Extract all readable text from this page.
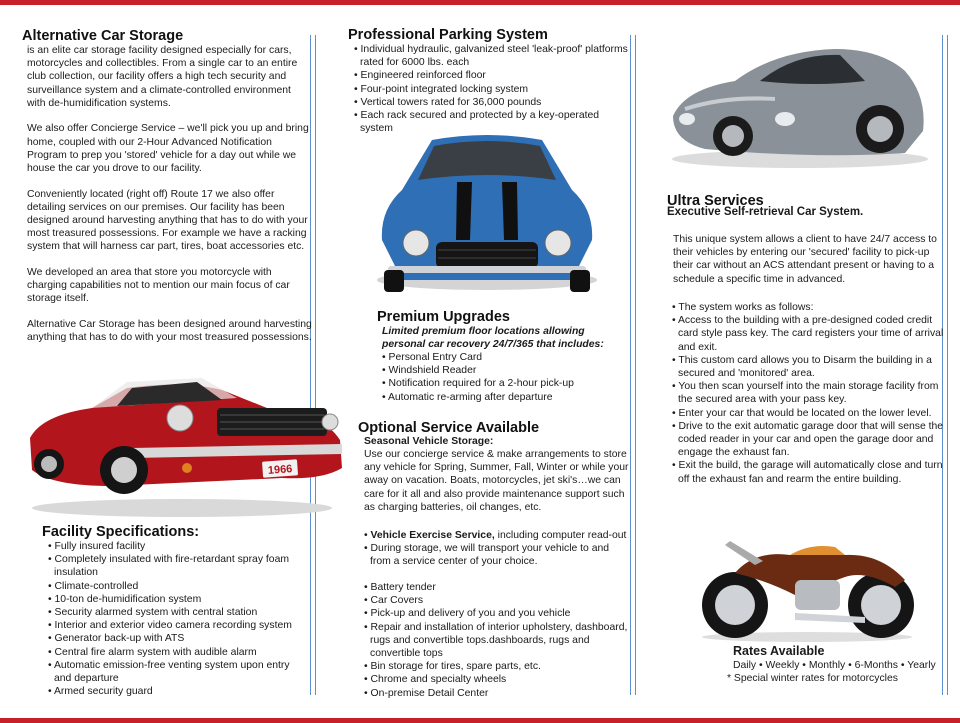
Alternative Car Storage

is an elite car storage facility designed especially for cars, motorcycles and collectibles. From a single car to an entire club collection, our facility offers a high tech security and surveillance system and a climate-controlled environment with de-humidification systems.

We also offer Concierge Service – we'll pick you up and bring home, coupled with our 2-Hour Advanced Notification Program to prep you 'stored' vehicle for a day out while we house the car you drove to our facility.

Conveniently located (right off) Route 17 we also offer detailing services on our premises. Our facility has been designed around harvesting anything that has to do with your most treasured possessions. For example we have a racking system that will harness car part, tires, boat accessories etc.

We developed an area that store you motorcycle with charging capabilities not to mention our main focus of car storage itself.

Alternative Car Storage has been designed around harvesting anything that has to do with your most treasured possessions.

1966
Facility Specifications:
• Fully insured facility
• Completely insulated with fire-retardant spray foam insulation
• Climate-controlled
• 10-ton de-humidification system
• Security alarmed system with central station
• Interior and exterior video camera recording system
• Generator back-up with ATS
• Central fire alarm system with audible alarm
• Automatic emission-free venting system upon entry and departure
• Armed security guard
Professional Parking System
• Individual hydraulic, galvanized steel 'leak-proof' platforms rated for 6000 lbs. each
• Engineered reinforced floor
• Four-point integrated locking system
• Vertical towers rated for 36,000 pounds
• Each rack secured and protected by a key-operated system
Premium Upgrades
Limited premium floor locations allowing personal car recovery 24/7/365 that includes:
• Personal Entry Card
• Windshield Reader
• Notification required for a 2-hour pick-up
• Automatic re-arming after departure
Optional Service Available
Seasonal Vehicle Storage:
Use our concierge service & make arrangements to store any vehicle for Spring, Summer, Fall, Winter or while your away on vacation. Boats, motorcycles, jet ski's…we can care for it all and also provide maintenance support such as charging batteries, oil changes, etc.
• Vehicle Exercise Service, including computer read-out
• During storage, we will transport your vehicle to and from a service center of your choice.
• Battery tender
• Car Covers
• Pick-up and delivery of you and you vehicle
• Repair and installation of interior upholstery, dashboard, rugs and convertible tops.dashboards, rugs and convertible tops
• Bin storage for tires, spare parts, etc.
• Chrome and specialty wheels
• On-premise Detail Center
Ultra Services
Executive Self-retrieval Car System.
This unique system allows a client to have 24/7 access to their vehicles by entering our 'secured' facility to pick-up their car without an ACS attendant present or having to a schedule a specific time in advanced.
• The system works as follows:
• Access to the building with a pre-designed coded credit card style pass key. The card registers your time of arrival and exit.
• This custom card allows you to Disarm the building in a secured and 'monitored' area.
• You then scan yourself into the main storage facility from the secured area with your pass key.
• Enter your car that would be located on the lower level.
• Drive to the exit automatic garage door that will sense the coded reader in your car and open the garage door and engage the exhaust fan.
• Exit the build, the garage will automatically close and turn off the exhaust fan and rearm the entire building.
Rates Available
Daily • Weekly • Monthly • 6-Months • Yearly
* Special winter rates for motorcycles
